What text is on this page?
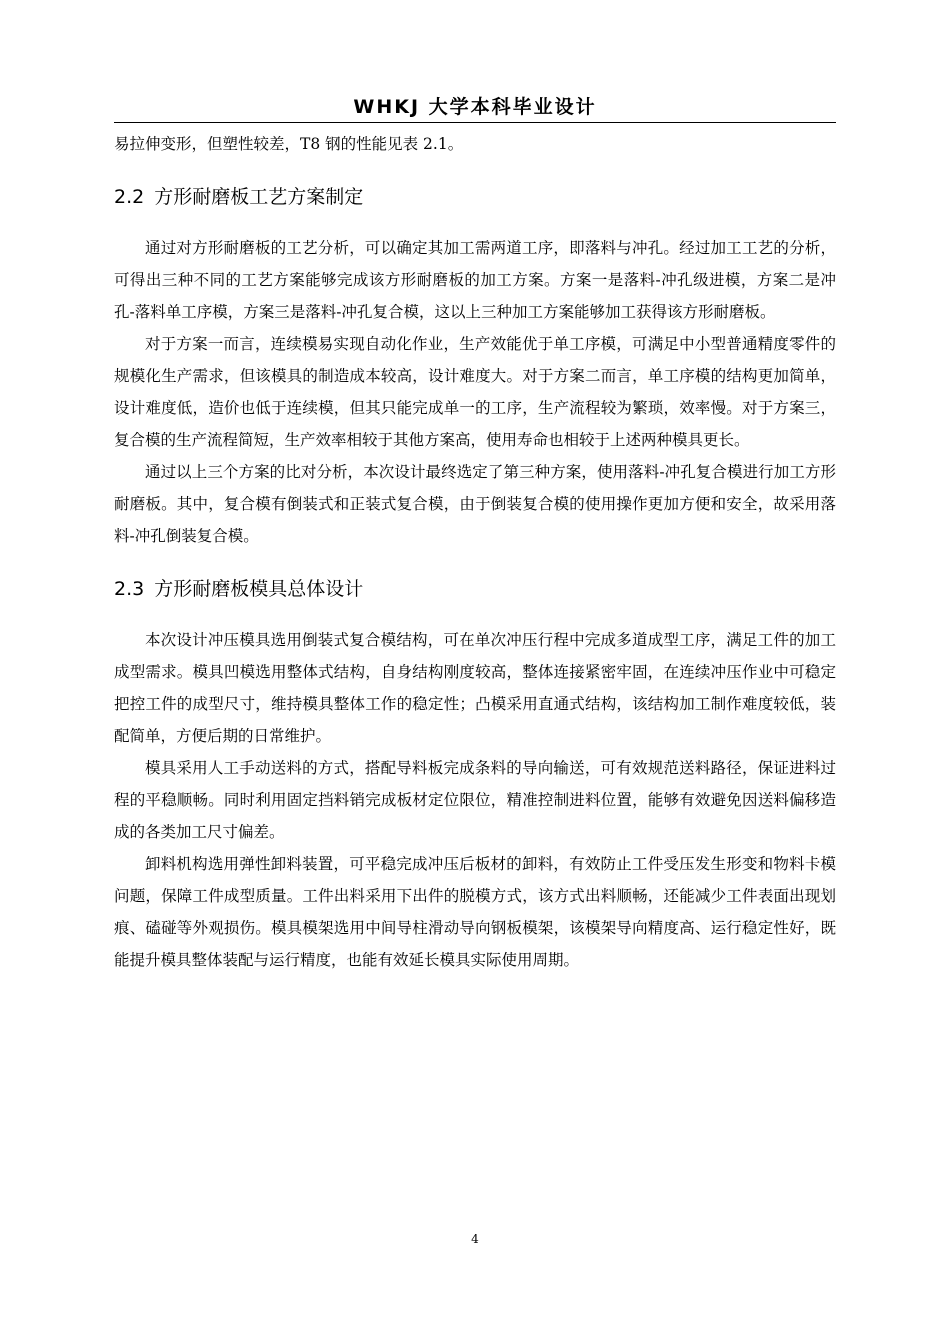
WHKJ 大学本科毕业设计

易拉伸变形，但塑性较差，T8 钢的性能见表 2.1。

2.2 方形耐磨板工艺方案制定

通过对方形耐磨板的工艺分析，可以确定其加工需两道工序，即落料与冲孔。经过加工工艺的分析，可得出三种不同的工艺方案能够完成该方形耐磨板的加工方案。方案一是落料-冲孔级进模，方案二是冲孔-落料单工序模，方案三是落料-冲孔复合模，这以上三种加工方案能够加工获得该方形耐磨板。

对于方案一而言，连续模易实现自动化作业，生产效能优于单工序模，可满足中小型普通精度零件的规模化生产需求，但该模具的制造成本较高，设计难度大。对于方案二而言，单工序模的结构更加简单，设计难度低，造价也低于连续模，但其只能完成单一的工序，生产流程较为繁琐，效率慢。对于方案三，复合模的生产流程简短，生产效率相较于其他方案高，使用寿命也相较于上述两种模具更长。

通过以上三个方案的比对分析，本次设计最终选定了第三种方案，使用落料-冲孔复合模进行加工方形耐磨板。其中，复合模有倒装式和正装式复合模，由于倒装复合模的使用操作更加方便和安全，故采用落料-冲孔倒装复合模。

2.3 方形耐磨板模具总体设计

本次设计冲压模具选用倒装式复合模结构，可在单次冲压行程中完成多道成型工序，满足工件的加工成型需求。模具凹模选用整体式结构，自身结构刚度较高，整体连接紧密牢固，在连续冲压作业中可稳定把控工件的成型尺寸，维持模具整体工作的稳定性；凸模采用直通式结构，该结构加工制作难度较低，装配简单，方便后期的日常维护。

模具采用人工手动送料的方式，搭配导料板完成条料的导向输送，可有效规范送料路径，保证进料过程的平稳顺畅。同时利用固定挡料销完成板材定位限位，精准控制进料位置，能够有效避免因送料偏移造成的各类加工尺寸偏差。

卸料机构选用弹性卸料装置，可平稳完成冲压后板材的卸料，有效防止工件受压发生形变和物料卡模问题，保障工件成型质量。工件出料采用下出件的脱模方式，该方式出料顺畅，还能减少工件表面出现划痕、磕碰等外观损伤。模具模架选用中间导柱滑动导向钢板模架，该模架导向精度高、运行稳定性好，既能提升模具整体装配与运行精度，也能有效延长模具实际使用周期。

4
